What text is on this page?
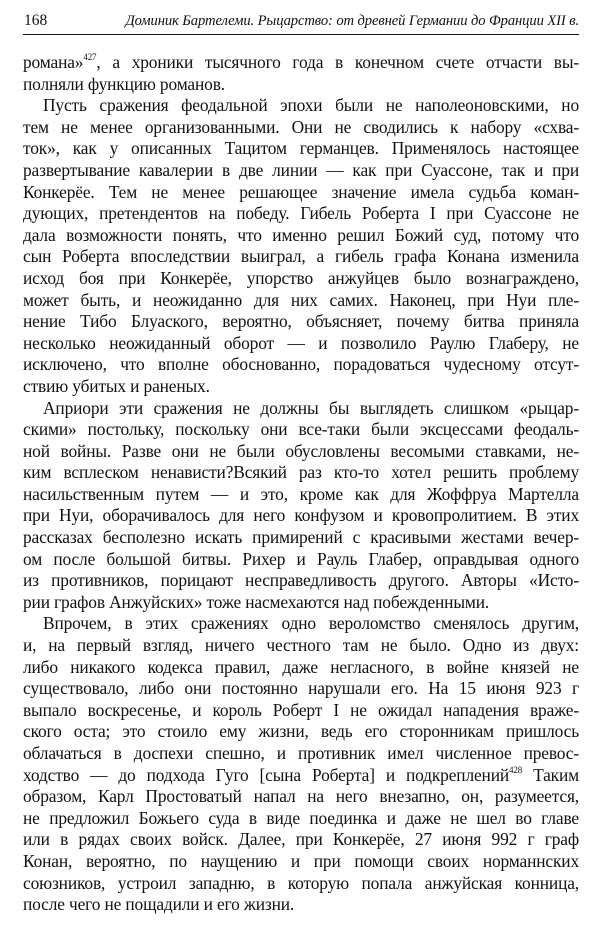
168	Доминик Бартелеми. Рыцарство: от древней Германии до Франции XII в.
романа»$^{427}$, а хроники тысячного года в конечном счете отчасти вы-
полняли функцию романов.
Пусть сражения феодальной эпохи были не наполеоновскими, но
тем не менее организованными. Они не сводились к набору «схва-
ток», как у описанных Тацитом германцев. Применялось настоящее
развертывание кавалерии в две линии — как при Суассоне, так и при
Конкерёе. Тем не менее решающее значение имела судьба коман-
дующих, претендентов на победу. Гибель Роберта I при Суассоне не
дала возможности понять, что именно решил Божий суд, потому что
сын Роберта впоследствии выиграл, а гибель графа Конана изменила
исход боя при Конкерёе, упорство анжуйцев было вознаграждено,
может быть, и неожиданно для них самих. Наконец, при Нуи пле-
нение Тибо Блуаского, вероятно, объясняет, почему битва приняла
несколько неожиданный оборот — и позволило Раулю Глаберу, не
исключено, что вполне обоснованно, порадоваться чудесному отсут-
ствию убитых и раненых.
Априори эти сражения не должны бы выглядеть слишком «рыцар-
скими» постольку, поскольку они все-таки были эксцессами феодаль-
ной войны. Разве они не были обусловлены весомыми ставками, не-
ким всплеском ненависти?Всякий раз кто-то хотел решить проблему
насильственным путем — и это, кроме как для Жоффруа Мартелла
при Нуи, оборачивалось для него конфузом и кровопролитием. В этих
рассказах бесполезно искать примирений с красивыми жестами вечер-
ом после большой битвы. Рихер и Рауль Глабер, оправдывая одного
из противников, порицают несправедливость другого. Авторы «Исто-
рии графов Анжуйских» тоже насмехаются над побежденными.
Впрочем, в этих сражениях одно вероломство сменялось другим,
и, на первый взгляд, ничего честного там не было. Одно из двух:
либо никакого кодекса правил, даже негласного, в войне князей не
существовало, либо они постоянно нарушали его. На 15 июня 923 г
выпало воскресенье, и король Роберт I не ожидал нападения враже-
ского оста; это стоило ему жизни, ведь его сторонникам пришлось
облачаться в доспехи спешно, и противник имел численное превос-
ходство — до подхода Гуго [сына Роберта] и подкреплений$^{428}$ Таким
образом, Карл Простоватый напал на него внезапно, он, разумеется,
не предложил Божьего суда в виде поединка и даже не шел во главе
или в рядах своих войск. Далее, при Конкерёе, 27 июня 992 г граф
Конан, вероятно, по наущению и при помощи своих норманнских
союзников, устроил западню, в которую попала анжуйская конница,
после чего не пощадили и его жизни.
